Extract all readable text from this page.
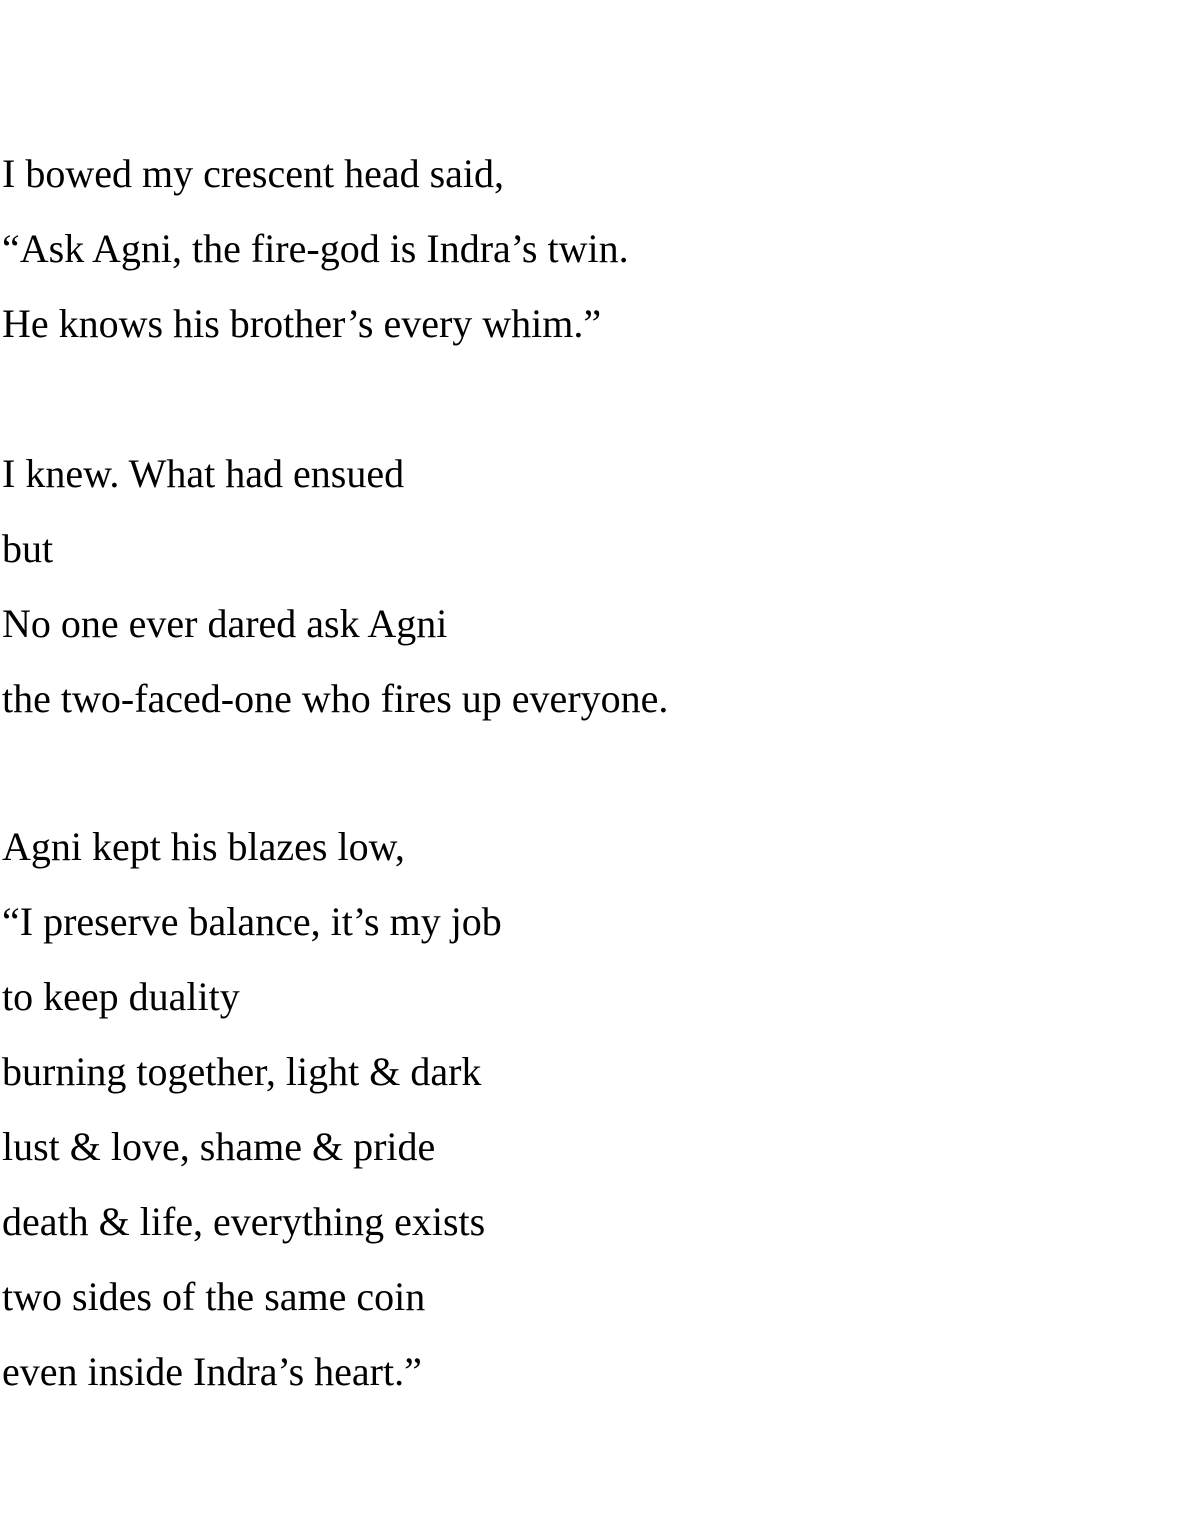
I bowed my crescent head said,
“Ask Agni, the fire-god is Indra’s twin.
He knows his brother’s every whim.”
I knew. What had ensued
but
No one ever dared ask Agni
the two-faced-one who fires up everyone.
Agni kept his blazes low,
“I preserve balance, it’s my job
to keep duality
burning together, light & dark
lust & love, shame & pride
death & life, everything exists
two sides of the same coin
even inside Indra’s heart.”
